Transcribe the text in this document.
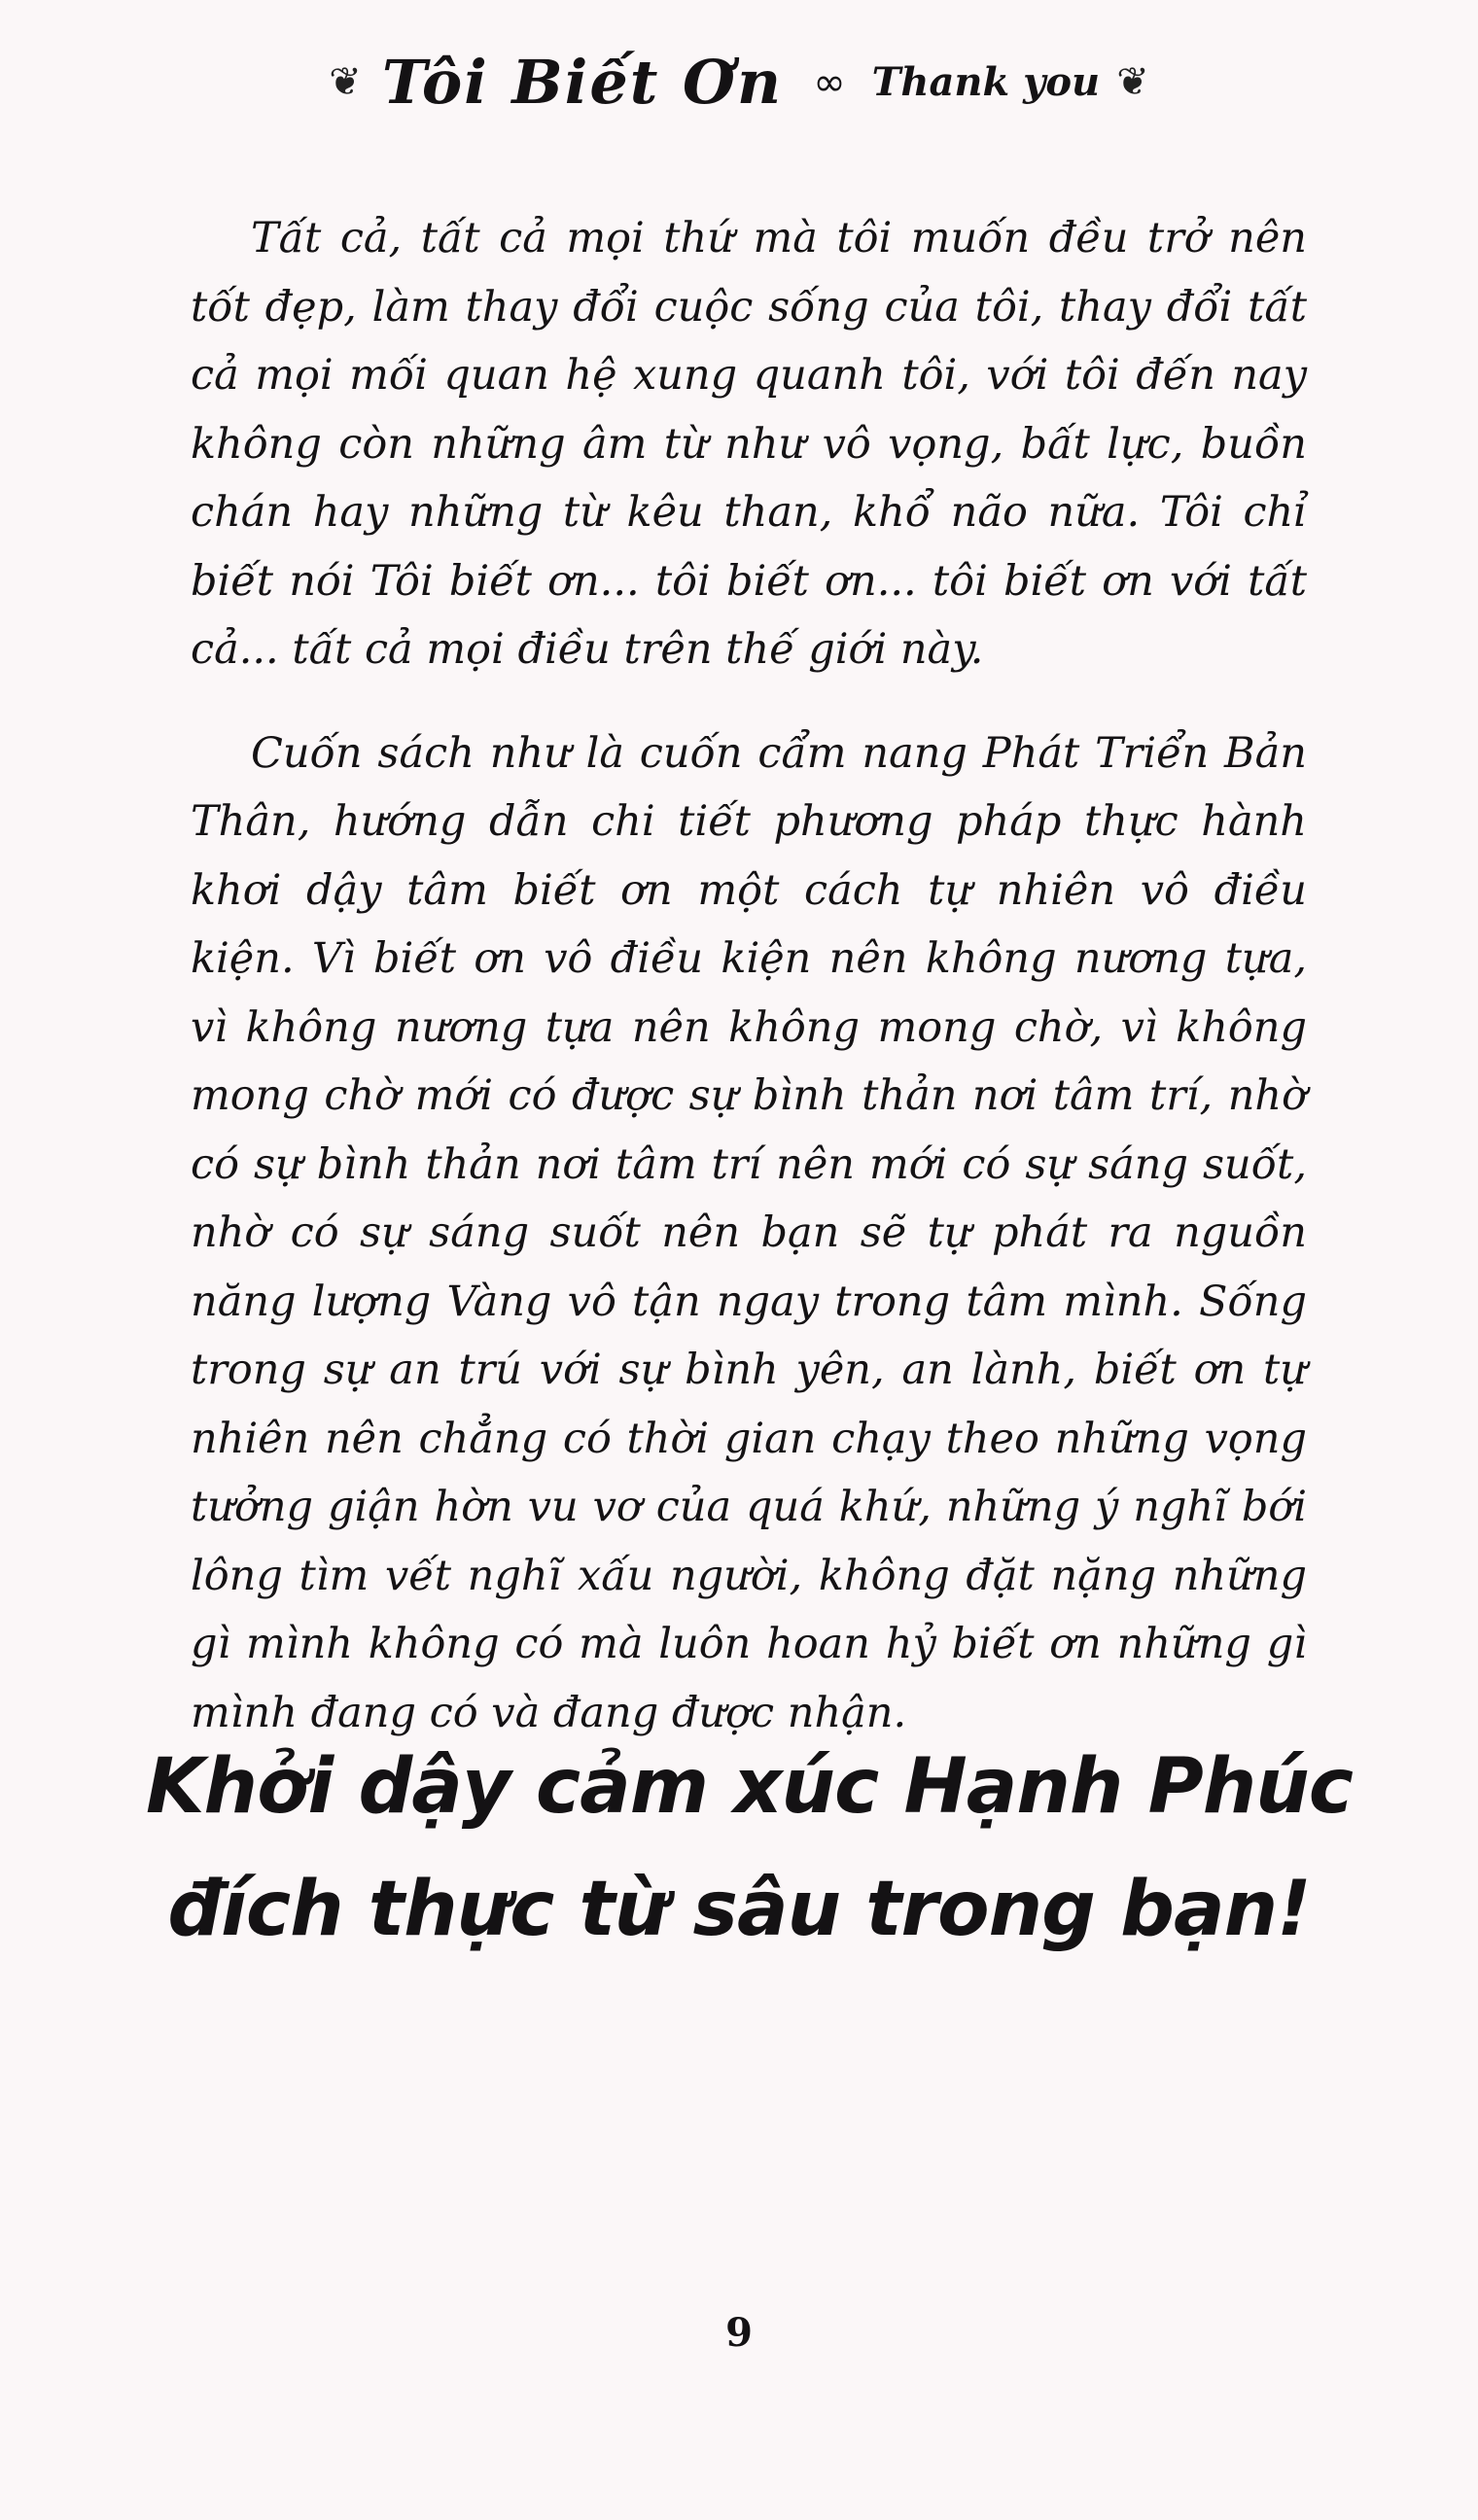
❦ Tôi Biết Ơn ∞ Thank you ❦

Tất cả, tất cả mọi thứ mà tôi muốn đều trở nên tốt đẹp, làm thay đổi cuộc sống của tôi, thay đổi tất cả mọi mối quan hệ xung quanh tôi, với tôi đến nay không còn những âm từ như vô vọng, bất lực, buồn chán hay những từ kêu than, khổ não nữa. Tôi chỉ biết nói Tôi biết ơn... tôi biết ơn... tôi biết ơn với tất cả... tất cả mọi điều trên thế giới này.

Cuốn sách như là cuốn cẩm nang Phát Triển Bản Thân, hướng dẫn chi tiết phương pháp thực hành khơi dậy tâm biết ơn một cách tự nhiên vô điều kiện. Vì biết ơn vô điều kiện nên không nương tựa, vì không nương tựa nên không mong chờ, vì không mong chờ mới có được sự bình thản nơi tâm trí, nhờ có sự bình thản nơi tâm trí nên mới có sự sáng suốt, nhờ có sự sáng suốt nên bạn sẽ tự phát ra nguồn năng lượng Vàng vô tận ngay trong tâm mình. Sống trong sự an trú với sự bình yên, an lành, biết ơn tự nhiên nên chẳng có thời gian chạy theo những vọng tưởng giận hờn vu vơ của quá khứ, những ý nghĩ bới lông tìm vết nghĩ xấu người, không đặt nặng những gì mình không có mà luôn hoan hỷ biết ơn những gì mình đang có và đang được nhận.

Khởi dậy cảm xúc Hạnh Phúc
đích thực từ sâu trong bạn!
9
